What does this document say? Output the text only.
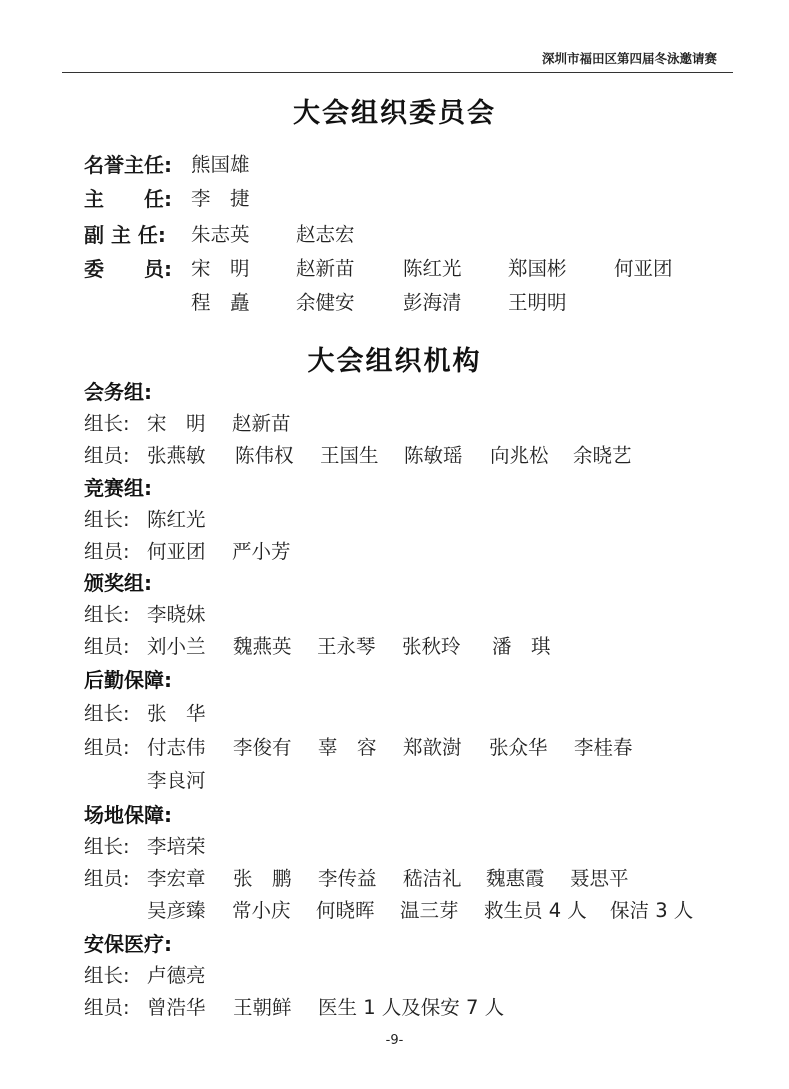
深圳市福田区第四届冬泳邀请赛
大会组织委员会
名誉主任: 熊国雄
主　　任: 李　捷
副 主 任: 朱志英 赵志宏
委　　员: 宋　明 赵新苗 陈红光 郑国彬 何亚团
程　矗 余健安 彭海清 王明明
大会组织机构
会务组:
组长: 宋　明 赵新苗
组员: 张燕敏 陈伟权 王国生 陈敏瑶 向兆松 余晓艺
竞赛组:
组长: 陈红光
组员: 何亚团 严小芳
颁奖组:
组长: 李晓妹
组员: 刘小兰 魏燕英 王永琴 张秋玲 潘　琪
后勤保障:
组长: 张　华
组员: 付志伟 李俊有 辜　容 郑歆澍 张众华 李桂春
李良河
场地保障:
组长: 李培荣
组员: 李宏章 张　鹏 李传益 嵇洁礼 魏惠霞 聂思平
吴彦臻 常小庆 何晓晖 温三芽 救生员 4 人 保洁 3 人
安保医疗:
组长: 卢德亮
组员: 曾浩华 王朝鲜 医生 1 人及保安 7 人
-9-
